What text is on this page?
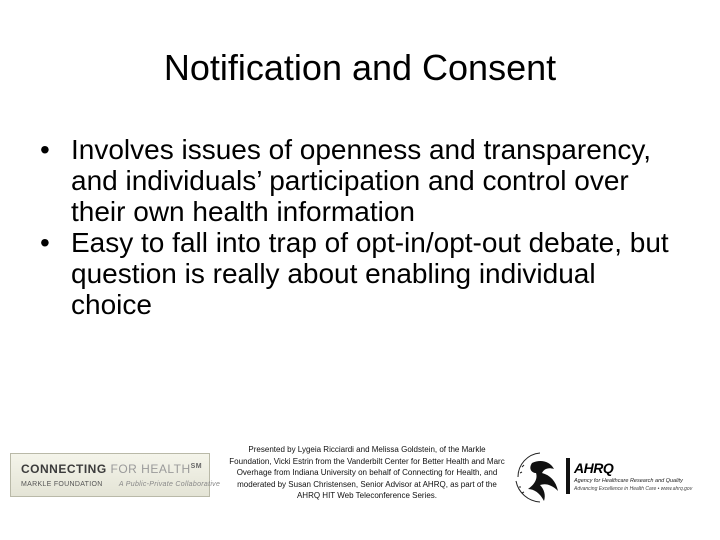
Notification and Consent
• Involves issues of openness and transparency, and individuals’ participation and control over their own health information
• Easy to fall into trap of opt-in/opt-out debate, but question is really about enabling individual choice
CONNECTING FOR HEALTH℠
MARKLE FOUNDATION A Public-Private Collaborative
Presented by Lygeia Ricciardi and Melissa Goldstein, of the Markle Foundation, Vicki Estrin from the Vanderbilt Center for Better Health and Marc Overhage from Indiana University on behalf of Connecting for Health, and moderated by Susan Christensen, Senior Advisor at AHRQ, as part of the AHRQ HIT Web Teleconference Series.
AHRQ
Agency for Healthcare Research and Quality
Advancing Excellence in Health Care • www.ahrq.gov
